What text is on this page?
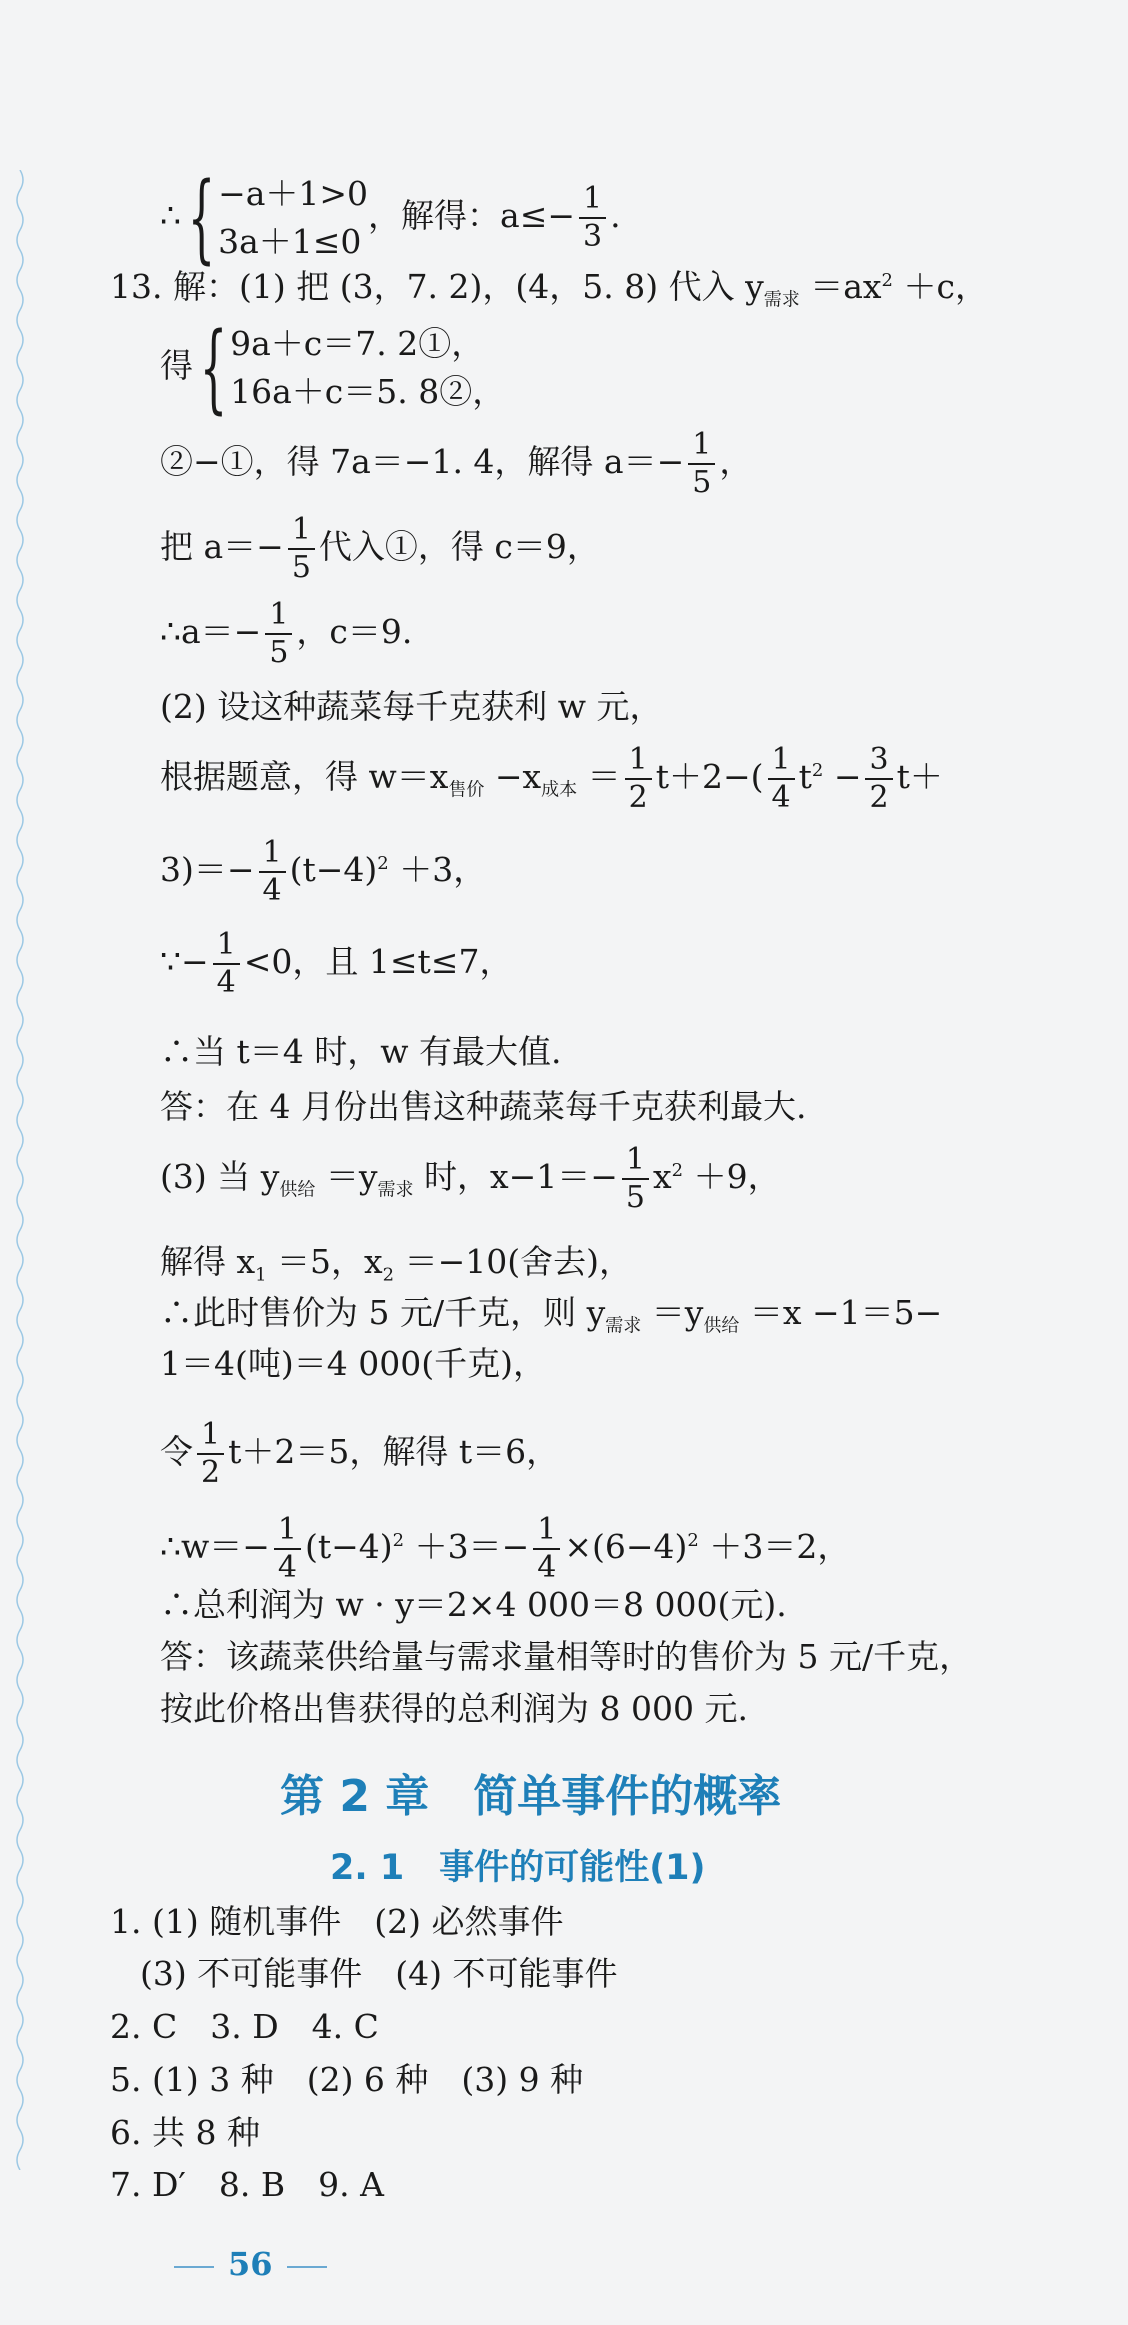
∴{ −a＋1>0
3a＋1≤0
，解得：$a\le- \frac{1}{3}$ .
13. 解：(1) 把 (3，7. 2)，(4，5. 8) 代入 $y_{需求} =ax^2 +c$，
得{ 9a＋c＝7. 2①，
16a＋c＝5. 8②，
②−①，得 7a＝−1. 4，解得 $a=- \frac{1}{5}$ ，
把 $a=- \frac{1}{5}$ 代入①，得 c＝9，
∴a＝− $\frac{1}{5}$ ，c＝9.
(2) 设这种蔬菜每千克获利 w 元，
根据题意，得 $w=x_{售价} -x_{成本} = \frac{1}{2} t+2-( \frac{1}{4} t^2 - \frac{3}{2} t+$
$3)=- \frac{1}{4} (t-4)^2 +3$，
∵− $\frac{1}{4} <0$，且 1≤t≤7，
∴当 t＝4 时，w 有最大值.
答：在 4 月份出售这种蔬菜每千克获利最大.
(3) 当 $y_{供给} =y_{需求}$ 时，$x-1=- \frac{1}{5} x^2 +9$，
解得 $x_1 =5$，$x_2 =-10$(舍去)，
∴此时售价为 5 元/千克，则 $y_{需求} =y_{供给} =x -1=5-$
1＝4(吨)＝4 000(千克)，
令 $\frac{1}{2} t+2=5$，解得 t＝6，
∴w＝− $\frac{1}{4} (t-4)^2 +3=- \frac{1}{4} \times(6-4)^2 +3=2$，
∴总利润为 w · y＝2×4 000＝8 000(元).
答：该蔬菜供给量与需求量相等时的售价为 5 元/千克，
按此价格出售获得的总利润为 8 000 元.
第 2 章　简单事件的概率
2. 1　事件的可能性(1)
1. (1) 随机事件　(2) 必然事件
(3) 不可能事件　(4) 不可能事件
2. C　3. D　4. C
5. (1) 3 种　(2) 6 种　(3) 9 种
6. 共 8 种
7. D′　8. B　9. A
56
